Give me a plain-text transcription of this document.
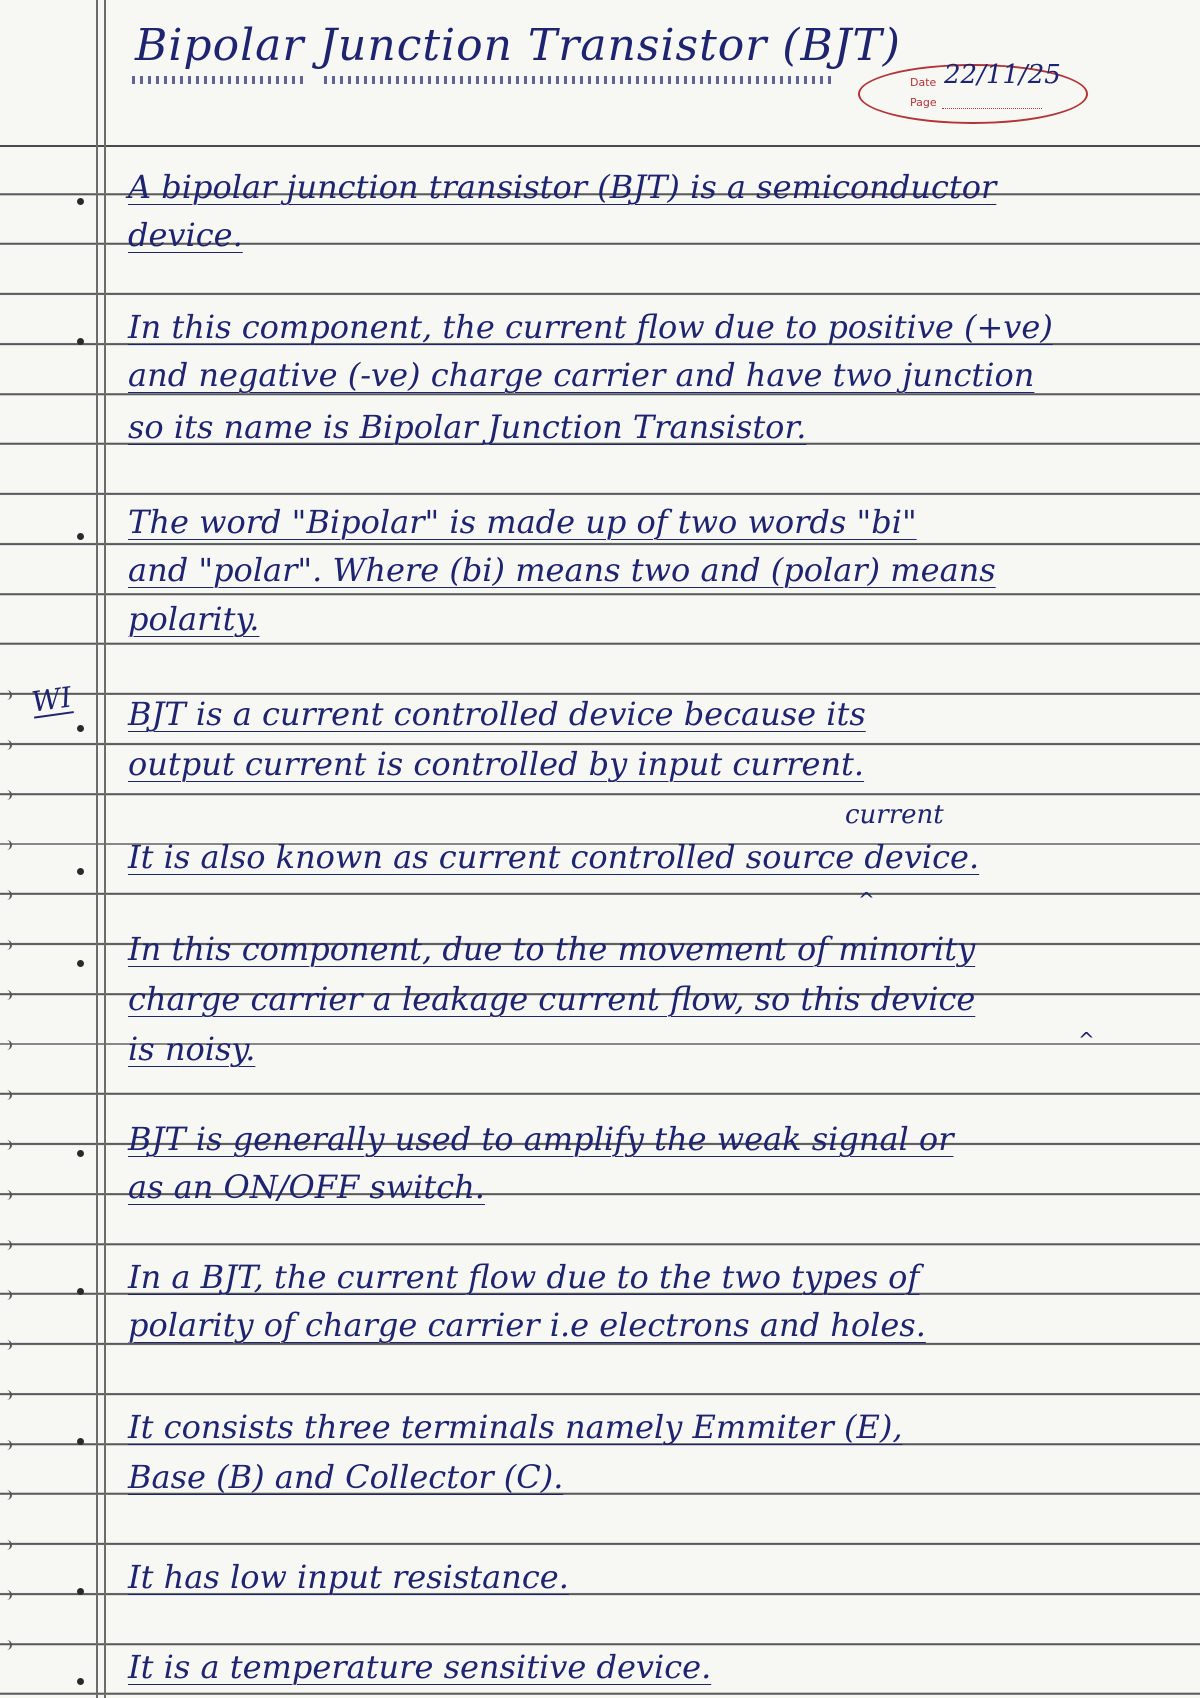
Bipolar Junction Transistor (BJT)
Date
Page
22/11/25
WI
A bipolar junction transistor (BJT) is a semiconductor
device.
In this component, the current flow due to positive (+ve)
and negative (-ve) charge carrier and have two junction
so its name is Bipolar Junction Transistor.
The word "Bipolar" is made up of two words "bi"
and "polar". Where (bi) means two and (polar) means
polarity.
BJT is a current controlled device because its
output current is controlled by input current.
It is also known as current controlled source device.
In this component, due to the movement of minority
charge carrier a leakage current flow, so this device
is noisy.
BJT is generally used to amplify the weak signal or
as an ON/OFF switch.
In a BJT, the current flow due to the two types of
polarity of charge carrier i.e electrons and holes.
It consists three terminals namely Emmiter (E),
Base (B) and Collector (C).
It has low input resistance.
It is a temperature sensitive device.
current
^
^
